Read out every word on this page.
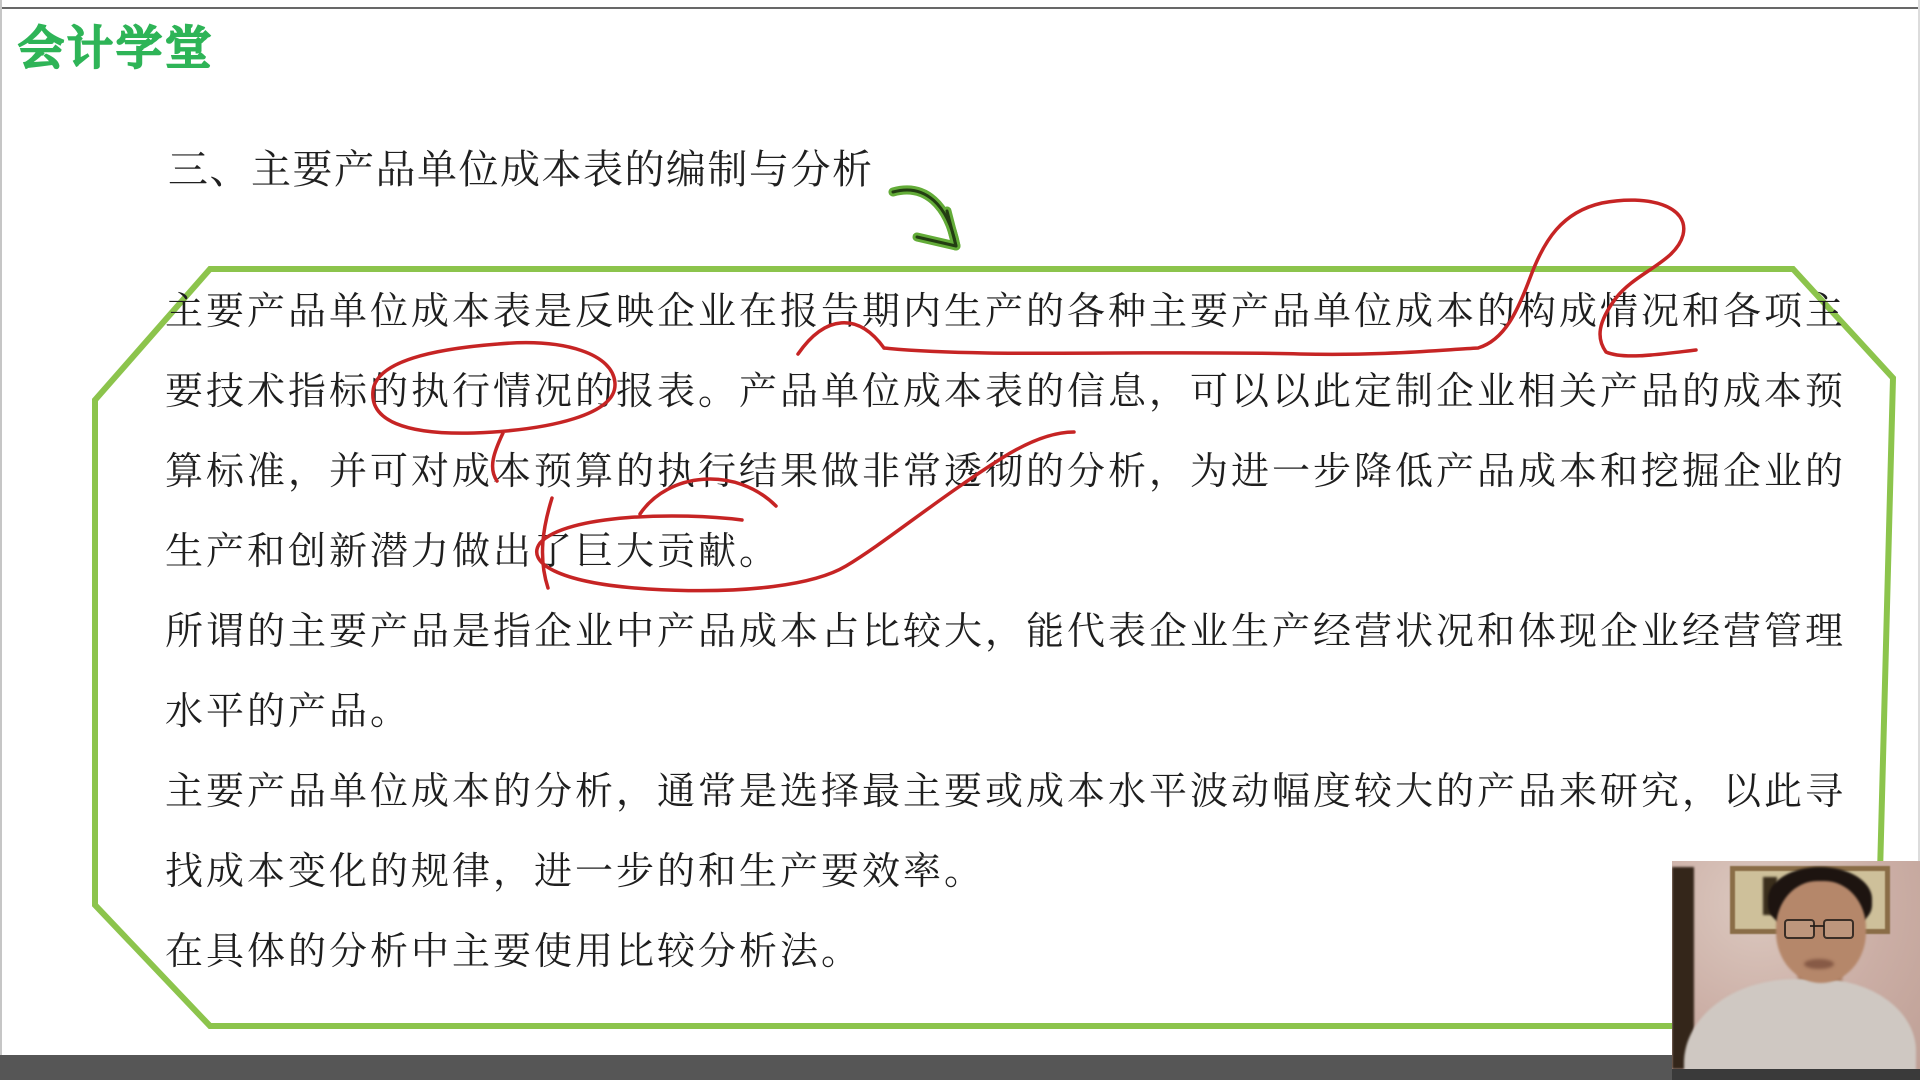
会计学堂
三、主要产品单位成本表的编制与分析
主要产品单位成本表是反映企业在报告期内生产的各种主要产品单位成本的构成情况和各项主
要技术指标的执行情况的报表。产品单位成本表的信息，可以以此定制企业相关产品的成本预
算标准，并可对成本预算的执行结果做非常透彻的分析，为进一步降低产品成本和挖掘企业的
生产和创新潜力做出了巨大贡献。
所谓的主要产品是指企业中产品成本占比较大，能代表企业生产经营状况和体现企业经营管理
水平的产品。
主要产品单位成本的分析，通常是选择最主要或成本水平波动幅度较大的产品来研究，以此寻
找成本变化的规律，进一步的和生产要效率。
在具体的分析中主要使用比较分析法。
